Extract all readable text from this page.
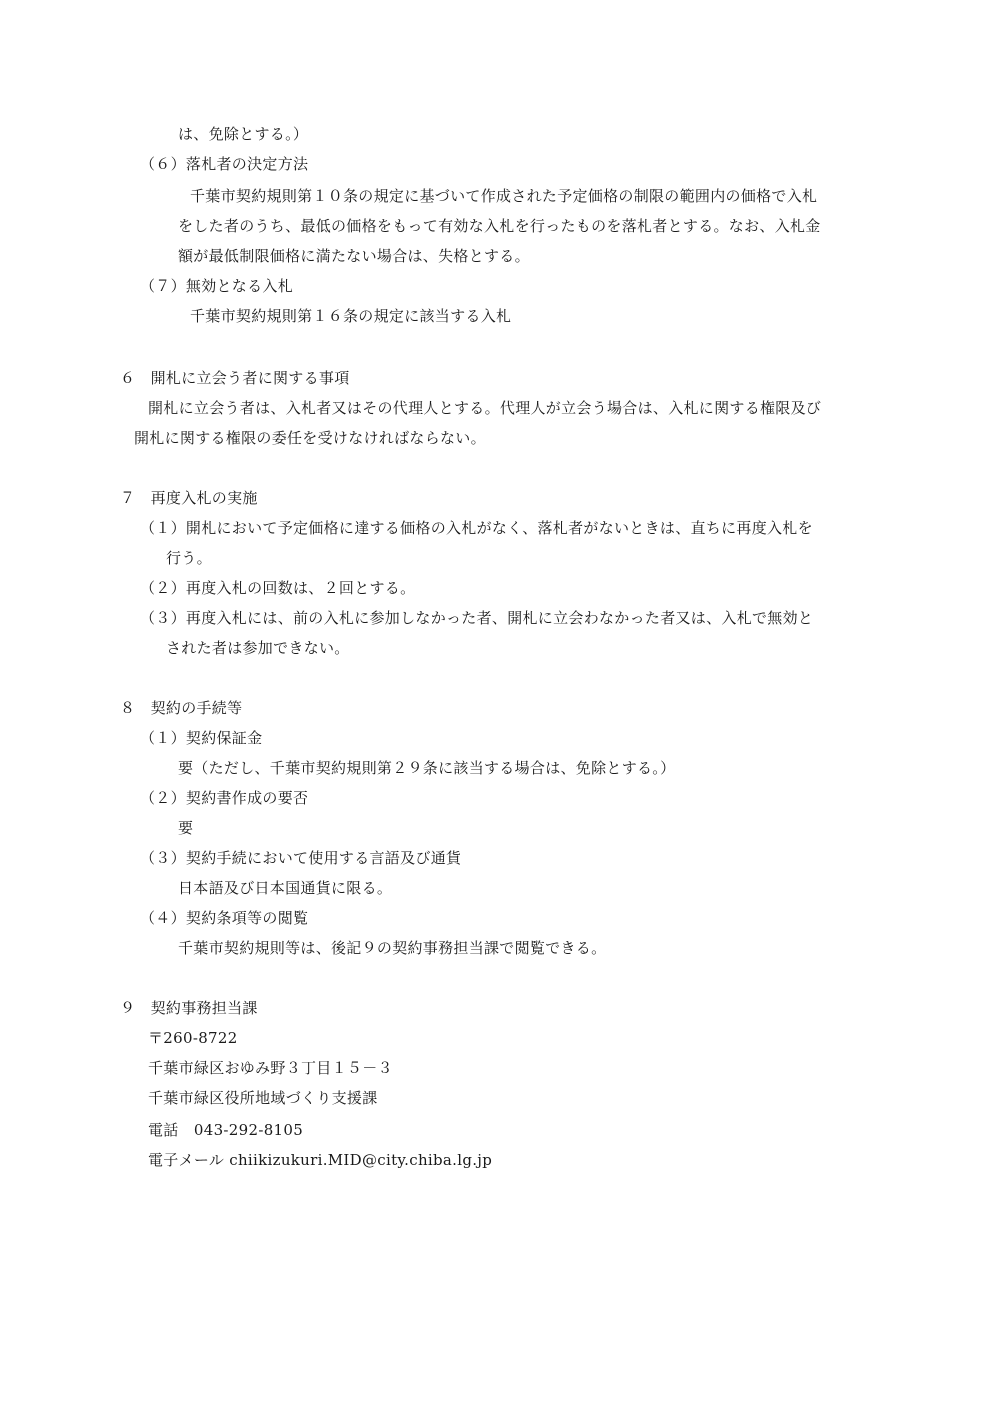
は、免除とする。）
（６）落札者の決定方法
千葉市契約規則第１０条の規定に基づいて作成された予定価格の制限の範囲内の価格で入札
をした者のうち、最低の価格をもって有効な入札を行ったものを落札者とする。なお、入札金
額が最低制限価格に満たない場合は、失格とする。
（７）無効となる入札
千葉市契約規則第１６条の規定に該当する入札
６　開札に立会う者に関する事項
開札に立会う者は、入札者又はその代理人とする。代理人が立会う場合は、入札に関する権限及び
開札に関する権限の委任を受けなければならない。
７　再度入札の実施
（１）開札において予定価格に達する価格の入札がなく、落札者がないときは、直ちに再度入札を
行う。
（２）再度入札の回数は、２回とする。
（３）再度入札には、前の入札に参加しなかった者、開札に立会わなかった者又は、入札で無効と
された者は参加できない。
８　契約の手続等
（１）契約保証金
要（ただし、千葉市契約規則第２９条に該当する場合は、免除とする。）
（２）契約書作成の要否
要
（３）契約手続において使用する言語及び通貨
日本語及び日本国通貨に限る。
（４）契約条項等の閲覧
千葉市契約規則等は、後記９の契約事務担当課で閲覧できる。
９　契約事務担当課
〒260-8722
千葉市緑区おゆみ野３丁目１５－３
千葉市緑区役所地域づくり支援課
電話　043-292-8105
電子メール chiikizukuri.MID@city.chiba.lg.jp
